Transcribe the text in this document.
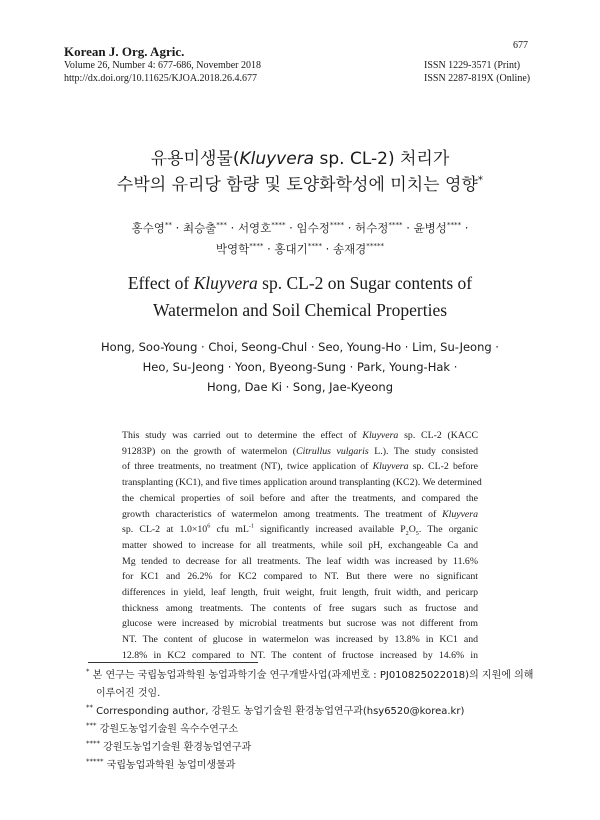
Korean J. Org. Agric.
Volume 26, Number 4: 677-686, November 2018
http://dx.doi.org/10.11625/KJOA.2018.26.4.677
677
ISSN 1229-3571 (Print)
ISSN 2287-819X (Online)
유용미생물(Kluyvera sp. CL-2) 처리가
수박의 유리당 함량 및 토양화학성에 미치는 영향*
홍수영** · 최승출*** · 서영호**** · 임수정**** · 허수정**** · 윤병성**** ·
박영학**** · 홍대기**** · 송재경*****
Effect of Kluyvera sp. CL-2 on Sugar contents of
Watermelon and Soil Chemical Properties
Hong, Soo-Young · Choi, Seong-Chul · Seo, Young-Ho · Lim, Su-Jeong ·
Heo, Su-Jeong · Yoon, Byeong-Sung · Park, Young-Hak ·
Hong, Dae Ki · Song, Jae-Kyeong
This study was carried out to determine the effect of Kluyvera sp. CL-2 (KACC
91283P) on the growth of watermelon (Citrullus vulgaris L.). The study consisted
of three treatments, no treatment (NT), twice application of Kluyvera sp. CL-2 before
transplanting (KC1), and five times application around transplanting (KC2). We determined
the chemical properties of soil before and after the treatments, and compared the
growth characteristics of watermelon among treatments. The treatment of Kluyvera
sp. CL-2 at $1.0\times 10^6$ cfu $mL^{-1}$ significantly increased available $P_2O_5$. The organic
matter showed to increase for all treatments, while soil pH, exchangeable Ca and
Mg tended to decrease for all treatments. The leaf width was increased by 11.6%
for KC1 and 26.2% for KC2 compared to NT. But there were no significant
differences in yield, leaf length, fruit weight, fruit length, fruit width, and pericarp
thickness among treatments. The contents of free sugars such as fructose and
glucose were increased by microbial treatments but sucrose was not different from
NT. The content of glucose in watermelon was increased by 13.8% in KC1 and
12.8% in KC2 compared to NT. The content of fructose increased by 14.6% in
* 본 연구는 국립농업과학원 농업과학기술 연구개발사업(과제번호 : PJ010825022018)의 지원에 의해
이루어진 것임.
** Corresponding author, 강원도 농업기술원 환경농업연구과(hsy6520@korea.kr)
*** 강원도농업기술원 옥수수연구소
**** 강원도농업기술원 환경농업연구과
***** 국립농업과학원 농업미생물과
